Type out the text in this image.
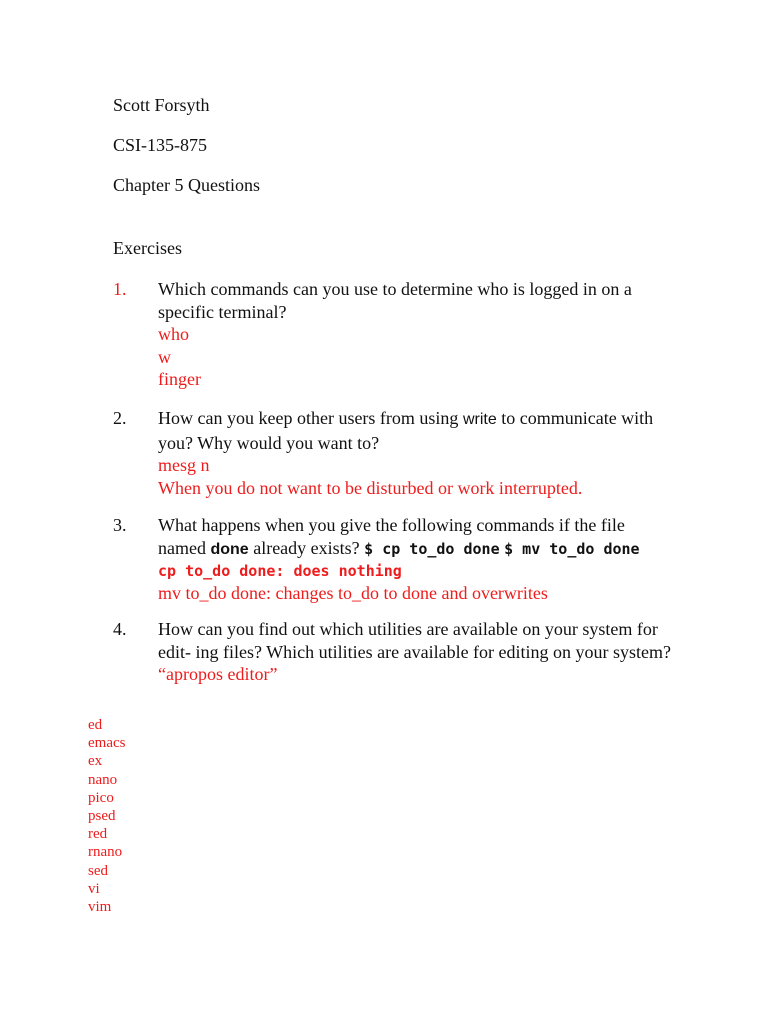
Scott Forsyth
CSI-135-875
Chapter 5 Questions
Exercises
1. Which commands can you use to determine who is logged in on a specific terminal?
who
w
finger
2. How can you keep other users from using write to communicate with you? Why would you want to?
mesg n
When you do not want to be disturbed or work interrupted.
3. What happens when you give the following commands if the file named done already exists? $ cp to_do done $ mv to_do done
cp to_do done: does nothing
mv to_do done: changes to_do to done and overwrites
4. How can you find out which utilities are available on your system for edit- ing files? Which utilities are available for editing on your system?
“apropos editor”
ed
emacs
ex
nano
pico
psed
red
rnano
sed
vi
vim
